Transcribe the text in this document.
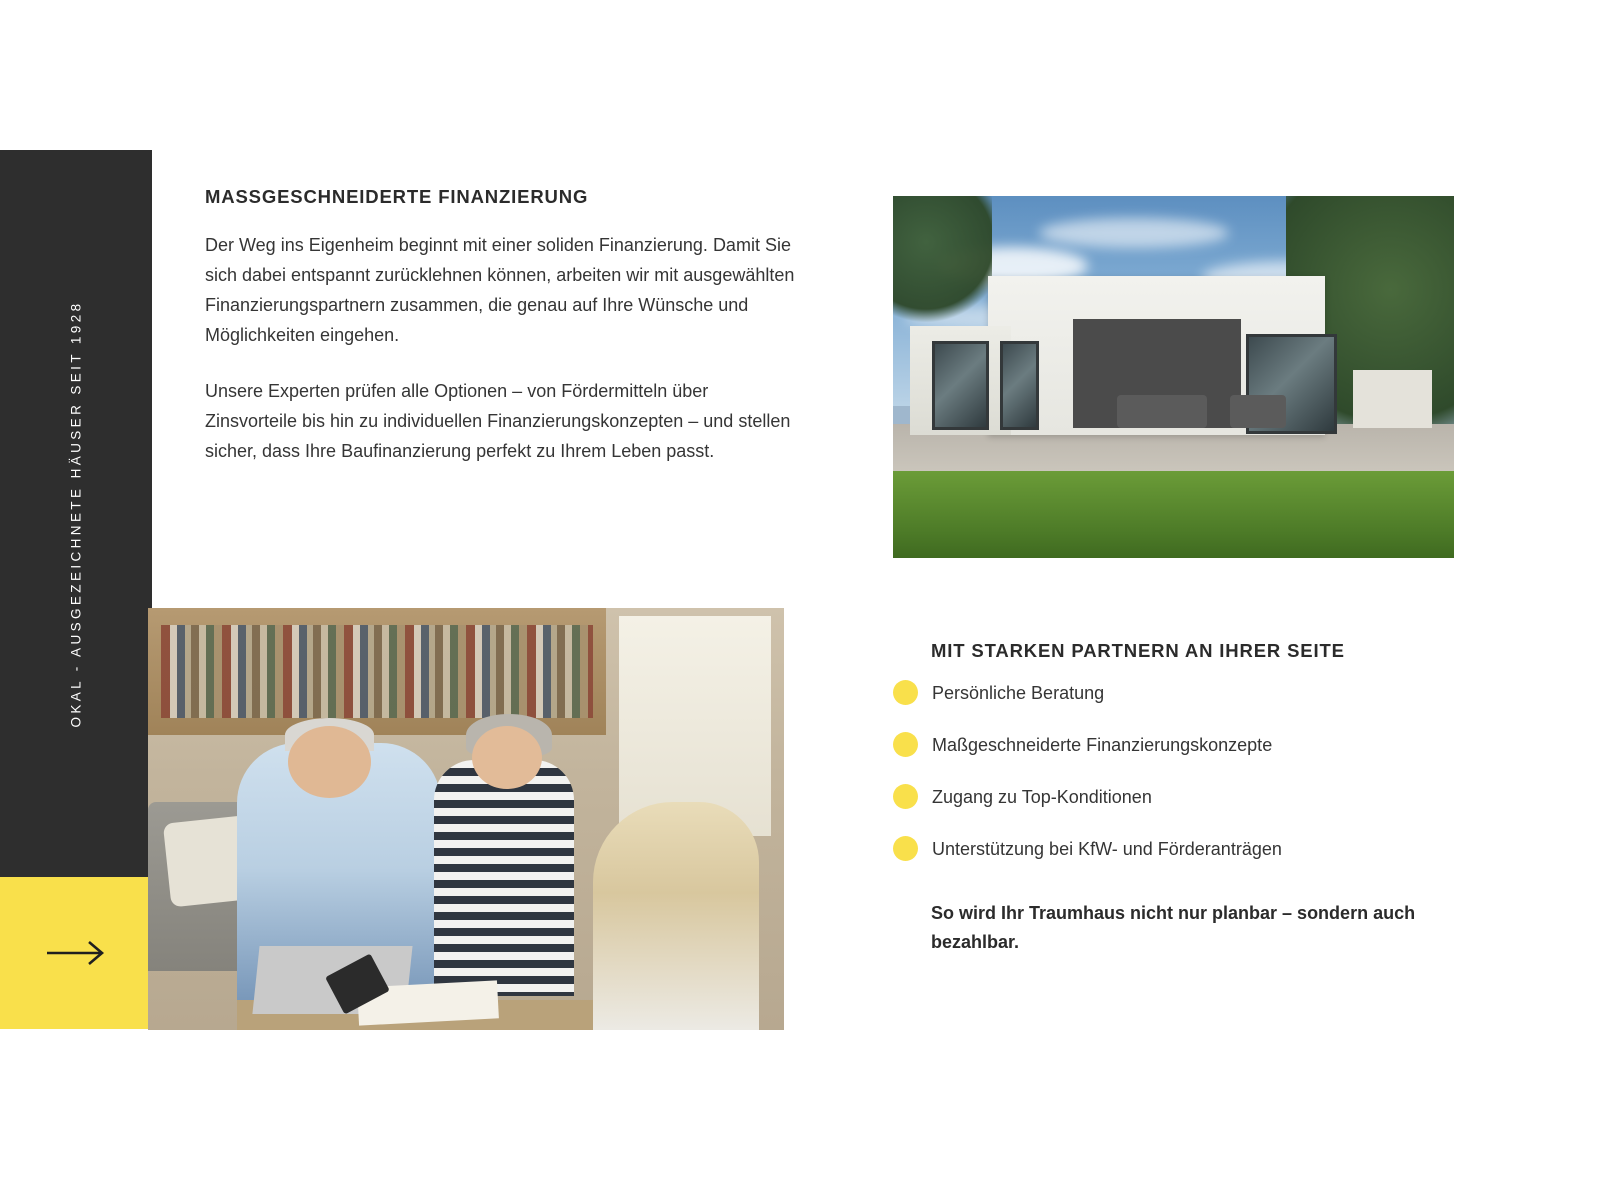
OKAL - AUSGEZEICHNETE HÄUSER SEIT 1928
MASSGESCHNEIDERTE FINANZIERUNG

Der Weg ins Eigenheim beginnt mit einer soliden Finanzierung. Damit Sie sich dabei entspannt zurücklehnen können, arbeiten wir mit ausgewählten Finanzierungspartnern zusammen, die genau auf Ihre Wünsche und Möglichkeiten eingehen.

Unsere Experten prüfen alle Optionen – von Fördermitteln über Zinsvorteile bis hin zu individuellen Finanzierungskonzepten – und stellen sicher, dass Ihre Baufinanzierung perfekt zu Ihrem Leben passt.

MIT STARKEN PARTNERN AN IHRER SEITE
Persönliche Beratung
Maßgeschneiderte Finanzierungskonzepte
Zugang zu Top-Konditionen
Unterstützung bei KfW- und Förderanträgen

So wird Ihr Traumhaus nicht nur planbar – sondern auch bezahlbar.
